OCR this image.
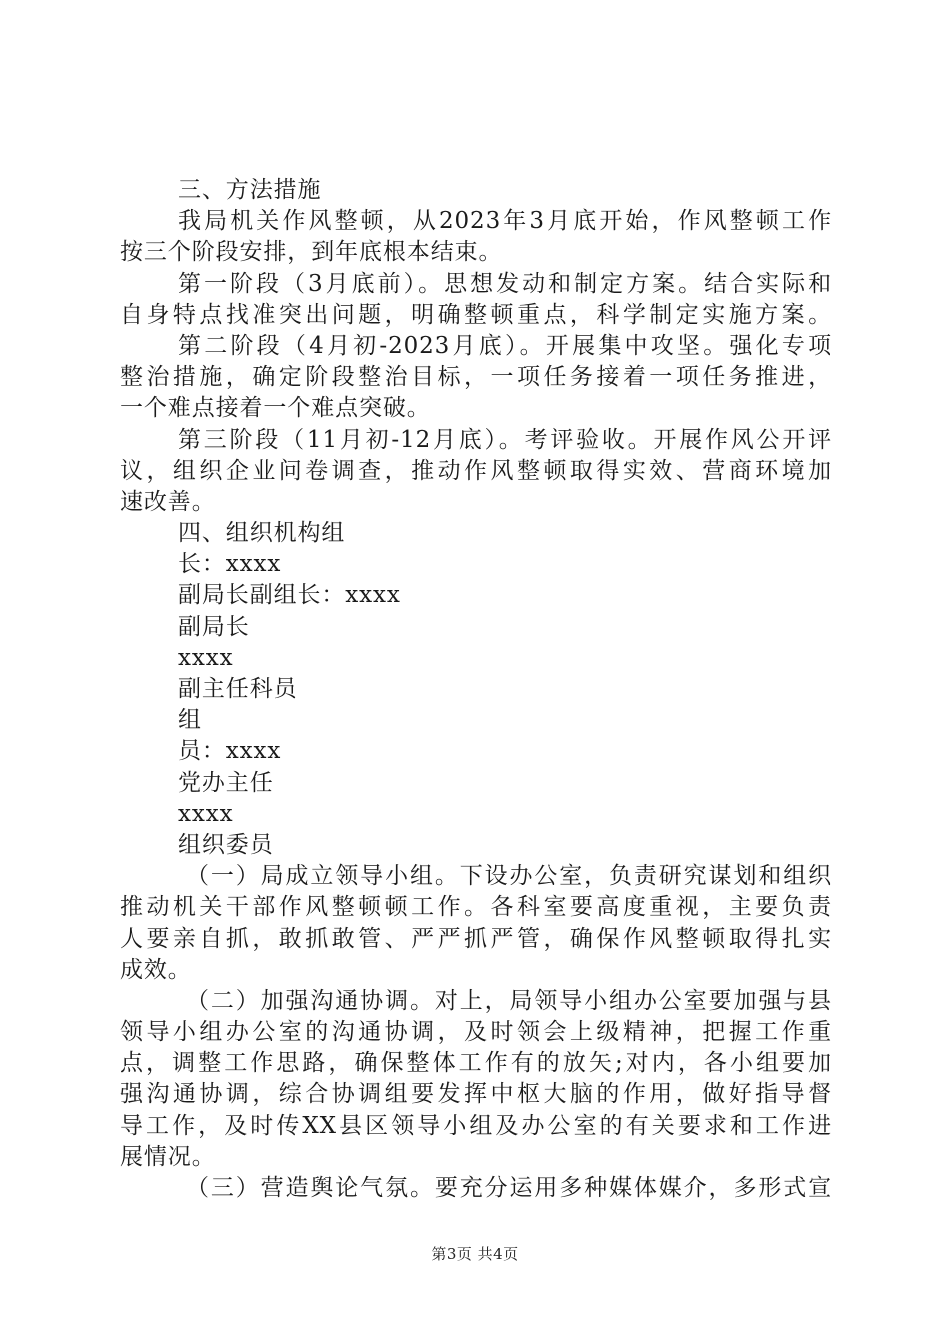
三、方法措施
我局机关作风整顿，从2023年3月底开始，作风整顿工作
按三个阶段安排，到年底根本结束。
第一阶段（3月底前）。思想发动和制定方案。结合实际和
自身特点找准突出问题，明确整顿重点，科学制定实施方案。
第二阶段（4月初-2023月底）。开展集中攻坚。强化专项
整治措施，确定阶段整治目标，一项任务接着一项任务推进，
一个难点接着一个难点突破。
第三阶段（11月初-12月底）。考评验收。开展作风公开评
议，组织企业问卷调查，推动作风整顿取得实效、营商环境加
速改善。
四、组织机构组
长：xxxx
副局长副组长：xxxx
副局长
xxxx
副主任科员
组
员：xxxx
党办主任
xxxx
组织委员
（一）局成立领导小组。下设办公室，负责研究谋划和组织
推动机关干部作风整顿顿工作。各科室要高度重视，主要负责
人要亲自抓，敢抓敢管、严严抓严管，确保作风整顿取得扎实
成效。
（二）加强沟通协调。对上，局领导小组办公室要加强与县
领导小组办公室的沟通协调，及时领会上级精神，把握工作重
点，调整工作思路，确保整体工作有的放矢;对内，各小组要加
强沟通协调，综合协调组要发挥中枢大脑的作用，做好指导督
导工作，及时传XX县区领导小组及办公室的有关要求和工作进
展情况。
（三）营造舆论气氛。要充分运用多种媒体媒介，多形式宣
第3页 共4页
